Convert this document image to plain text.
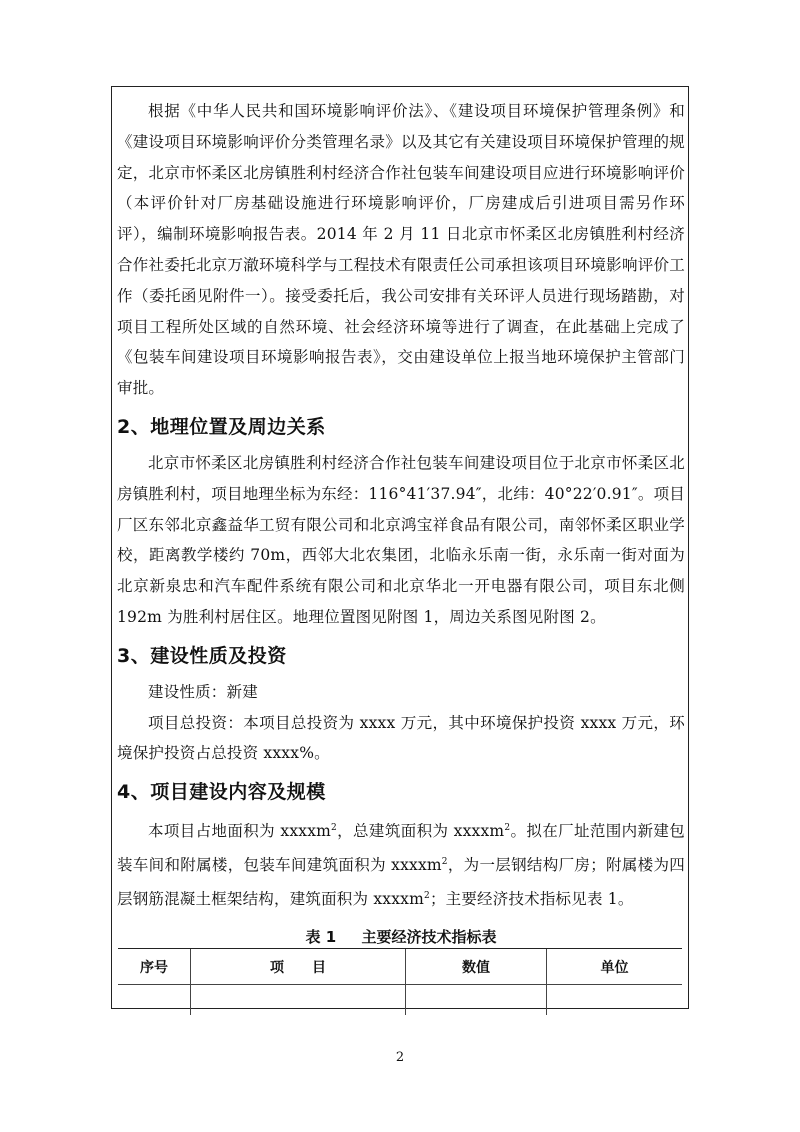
根据《中华人民共和国环境影响评价法》、《建设项目环境保护管理条例》和《建设项目环境影响评价分类管理名录》以及其它有关建设项目环境保护管理的规定，北京市怀柔区北房镇胜利村经济合作社包装车间建设项目应进行环境影响评价（本评价针对厂房基础设施进行环境影响评价，厂房建成后引进项目需另作环评），编制环境影响报告表。2014 年 2 月 11 日北京市怀柔区北房镇胜利村经济合作社委托北京万澈环境科学与工程技术有限责任公司承担该项目环境影响评价工作（委托函见附件一）。接受委托后，我公司安排有关环评人员进行现场踏勘，对项目工程所处区域的自然环境、社会经济环境等进行了调查，在此基础上完成了《包装车间建设项目环境影响报告表》，交由建设单位上报当地环境保护主管部门审批。

2、地理位置及周边关系

北京市怀柔区北房镇胜利村经济合作社包装车间建设项目位于北京市怀柔区北房镇胜利村，项目地理坐标为东经：116°41′37.94″，北纬：40°22′0.91″。项目厂区东邻北京鑫益华工贸有限公司和北京鸿宝祥食品有限公司，南邻怀柔区职业学校，距离教学楼约 70m，西邻大北农集团，北临永乐南一街，永乐南一街对面为北京新泉忠和汽车配件系统有限公司和北京华北一开电器有限公司，项目东北侧 192m 为胜利村居住区。地理位置图见附图 1，周边关系图见附图 2。

3、建设性质及投资

建设性质：新建

项目总投资：本项目总投资为 xxxx 万元，其中环境保护投资 xxxx 万元，环境保护投资占总投资 xxxx%。

4、项目建设内容及规模

本项目占地面积为 xxxxm$^2$，总建筑面积为 xxxxm$^2$。拟在厂址范围内新建包装车间和附属楼，包装车间建筑面积为 xxxxm$^2$，为一层钢结构厂房；附属楼为四层钢筋混凝土框架结构，建筑面积为 xxxxm$^2$；主要经济技术指标见表 1。

表 1 主要经济技术指标表
序号	项　　目	数值	单位

2
